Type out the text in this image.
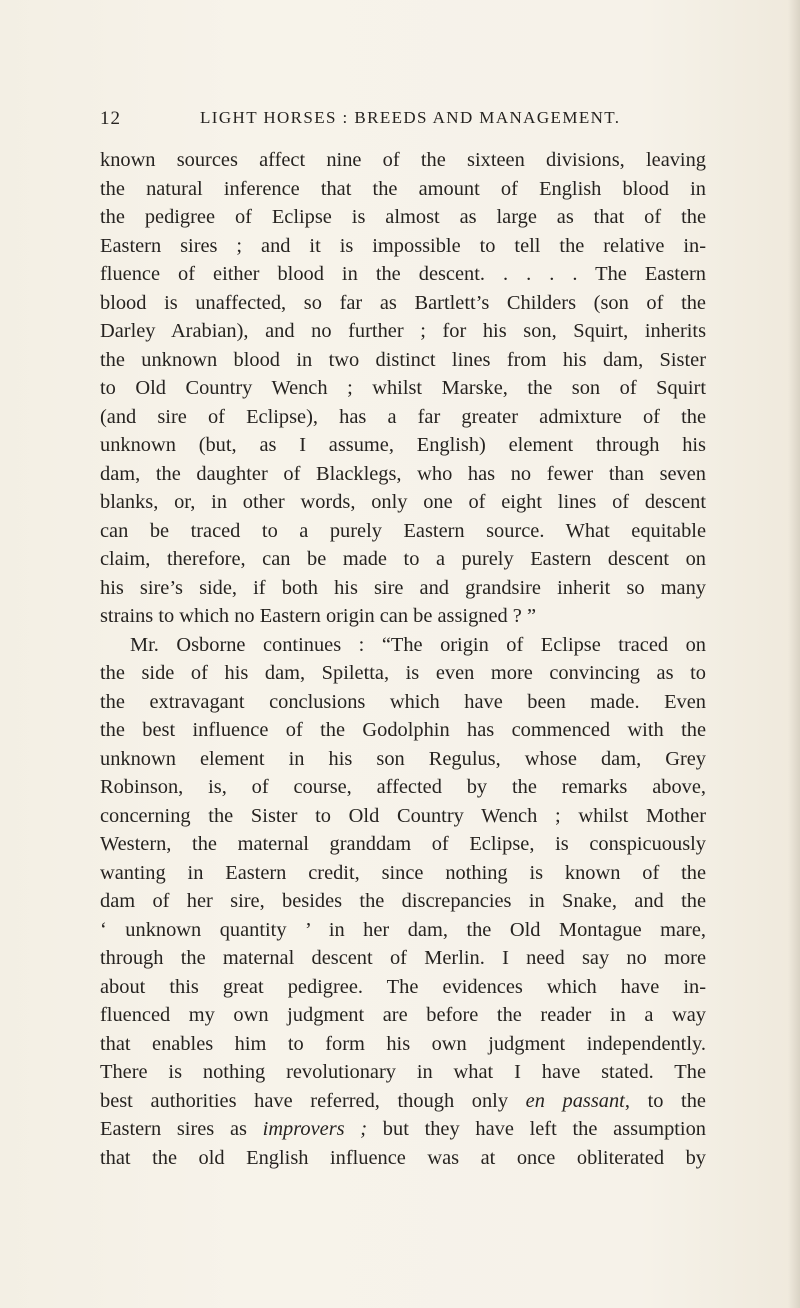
12	LIGHT HORSES : BREEDS AND MANAGEMENT.
known sources affect nine of the sixteen divisions, leaving
the natural inference that the amount of English blood in
the pedigree of Eclipse is almost as large as that of the
Eastern sires ; and it is impossible to tell the relative in-
fluence of either blood in the descent. . . . . The Eastern
blood is unaffected, so far as Bartlett’s Childers (son of the
Darley Arabian), and no further ; for his son, Squirt, inherits
the unknown blood in two distinct lines from his dam, Sister
to Old Country Wench ; whilst Marske, the son of Squirt
(and sire of Eclipse), has a far greater admixture of the
unknown (but, as I assume, English) element through his
dam, the daughter of Blacklegs, who has no fewer than seven
blanks, or, in other words, only one of eight lines of descent
can be traced to a purely Eastern source. What equitable
claim, therefore, can be made to a purely Eastern descent on
his sire’s side, if both his sire and grandsire inherit so many
strains to which no Eastern origin can be assigned ? ”
Mr. Osborne continues : “The origin of Eclipse traced on
the side of his dam, Spiletta, is even more convincing as to
the extravagant conclusions which have been made. Even
the best influence of the Godolphin has commenced with the
unknown element in his son Regulus, whose dam, Grey
Robinson, is, of course, affected by the remarks above,
concerning the Sister to Old Country Wench ; whilst Mother
Western, the maternal granddam of Eclipse, is conspicuously
wanting in Eastern credit, since nothing is known of the
dam of her sire, besides the discrepancies in Snake, and the
‘ unknown quantity ’ in her dam, the Old Montague mare,
through the maternal descent of Merlin. I need say no more
about this great pedigree. The evidences which have in-
fluenced my own judgment are before the reader in a way
that enables him to form his own judgment independently.
There is nothing revolutionary in what I have stated. The
best authorities have referred, though only en passant, to the
Eastern sires as improvers ; but they have left the assumption
that the old English influence was at once obliterated by
